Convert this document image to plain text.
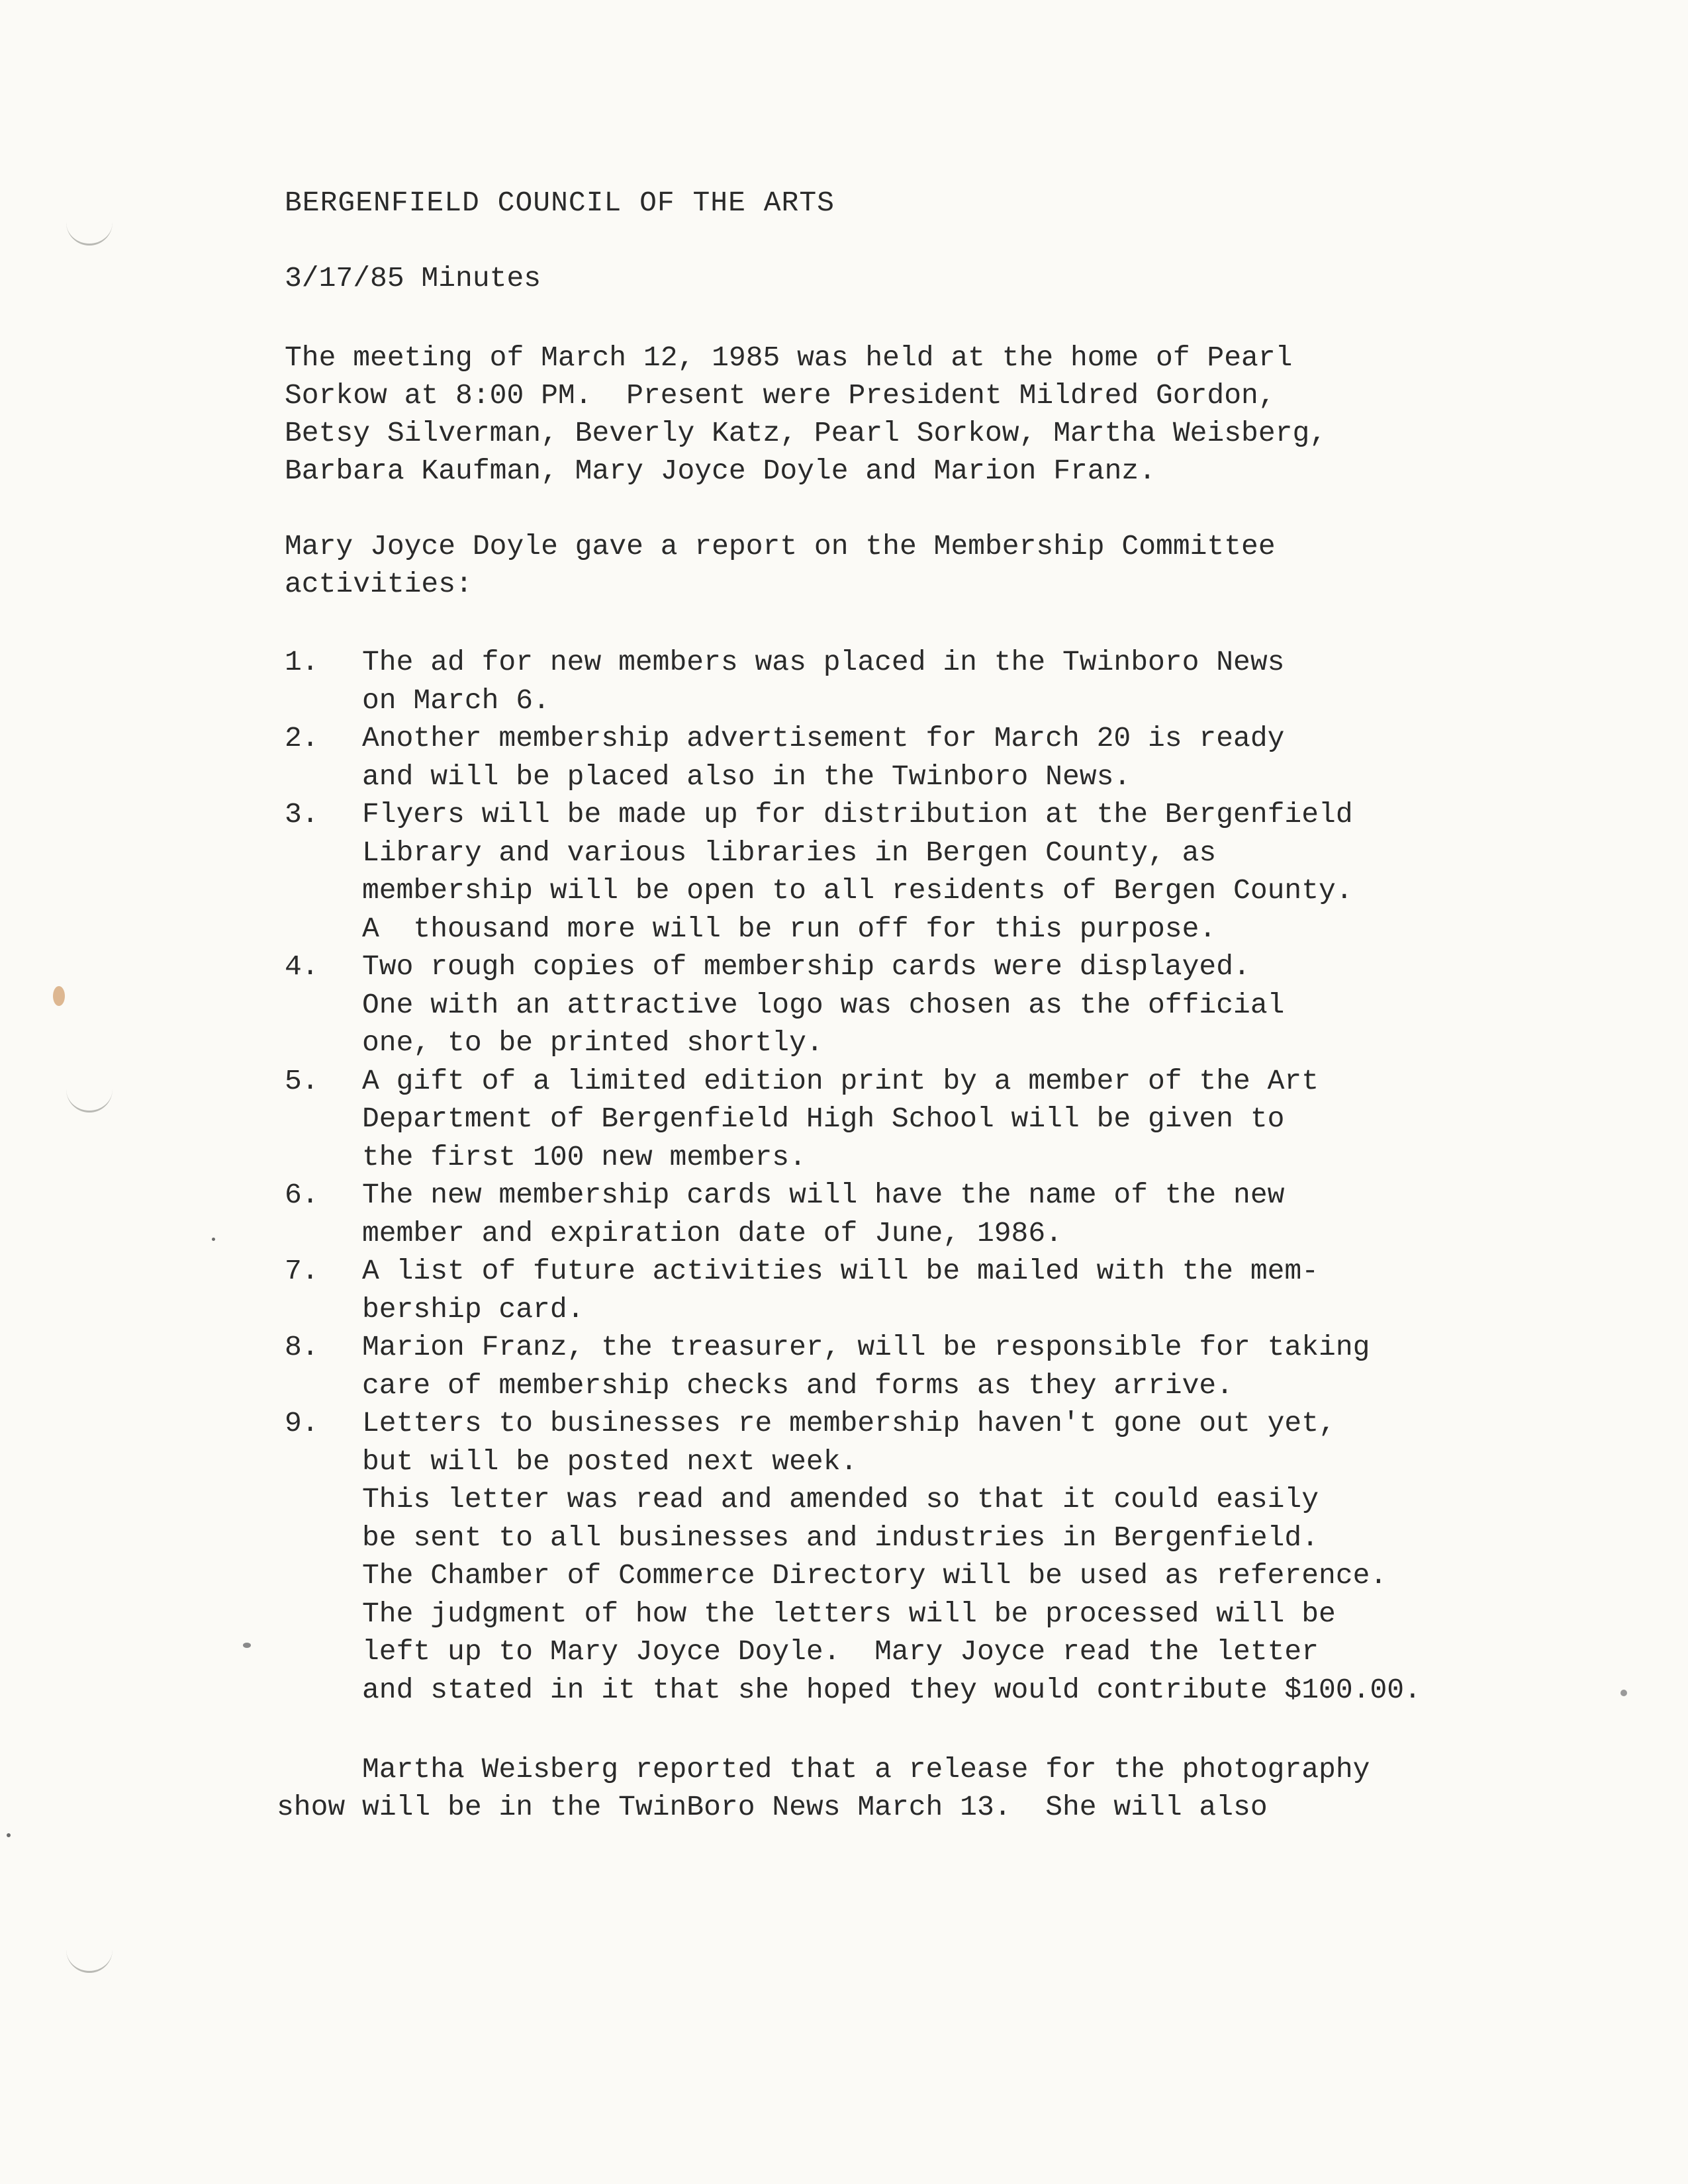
BERGENFIELD COUNCIL OF THE ARTS
3/17/85 Minutes
The meeting of March 12, 1985 was held at the home of Pearl
Sorkow at 8:00 PM.  Present were President Mildred Gordon,
Betsy Silverman, Beverly Katz, Pearl Sorkow, Martha Weisberg,
Barbara Kaufman, Mary Joyce Doyle and Marion Franz.
Mary Joyce Doyle gave a report on the Membership Committee
activities:
1.	The ad for new members was placed in the Twinboro News
on March 6.
2.	Another membership advertisement for March 20 is ready
and will be placed also in the Twinboro News.
3.	Flyers will be made up for distribution at the Bergenfield
Library and various libraries in Bergen County, as
membership will be open to all residents of Bergen County.
A  thousand more will be run off for this purpose.
4.	Two rough copies of membership cards were displayed.
One with an attractive logo was chosen as the official
one, to be printed shortly.
5.	A gift of a limited edition print by a member of the Art
Department of Bergenfield High School will be given to
the first 100 new members.
6.	The new membership cards will have the name of the new
member and expiration date of June, 1986.
7.	A list of future activities will be mailed with the mem-
bership card.
8.	Marion Franz, the treasurer, will be responsible for taking
care of membership checks and forms as they arrive.
9.	Letters to businesses re membership haven't gone out yet,
but will be posted next week.
This letter was read and amended so that it could easily
be sent to all businesses and industries in Bergenfield.
The Chamber of Commerce Directory will be used as reference.
The judgment of how the letters will be processed will be
left up to Mary Joyce Doyle.  Mary Joyce read the letter
and stated in it that she hoped they would contribute $100.00.
Martha Weisberg reported that a release for the photography
show will be in the TwinBoro News March 13.  She will also
